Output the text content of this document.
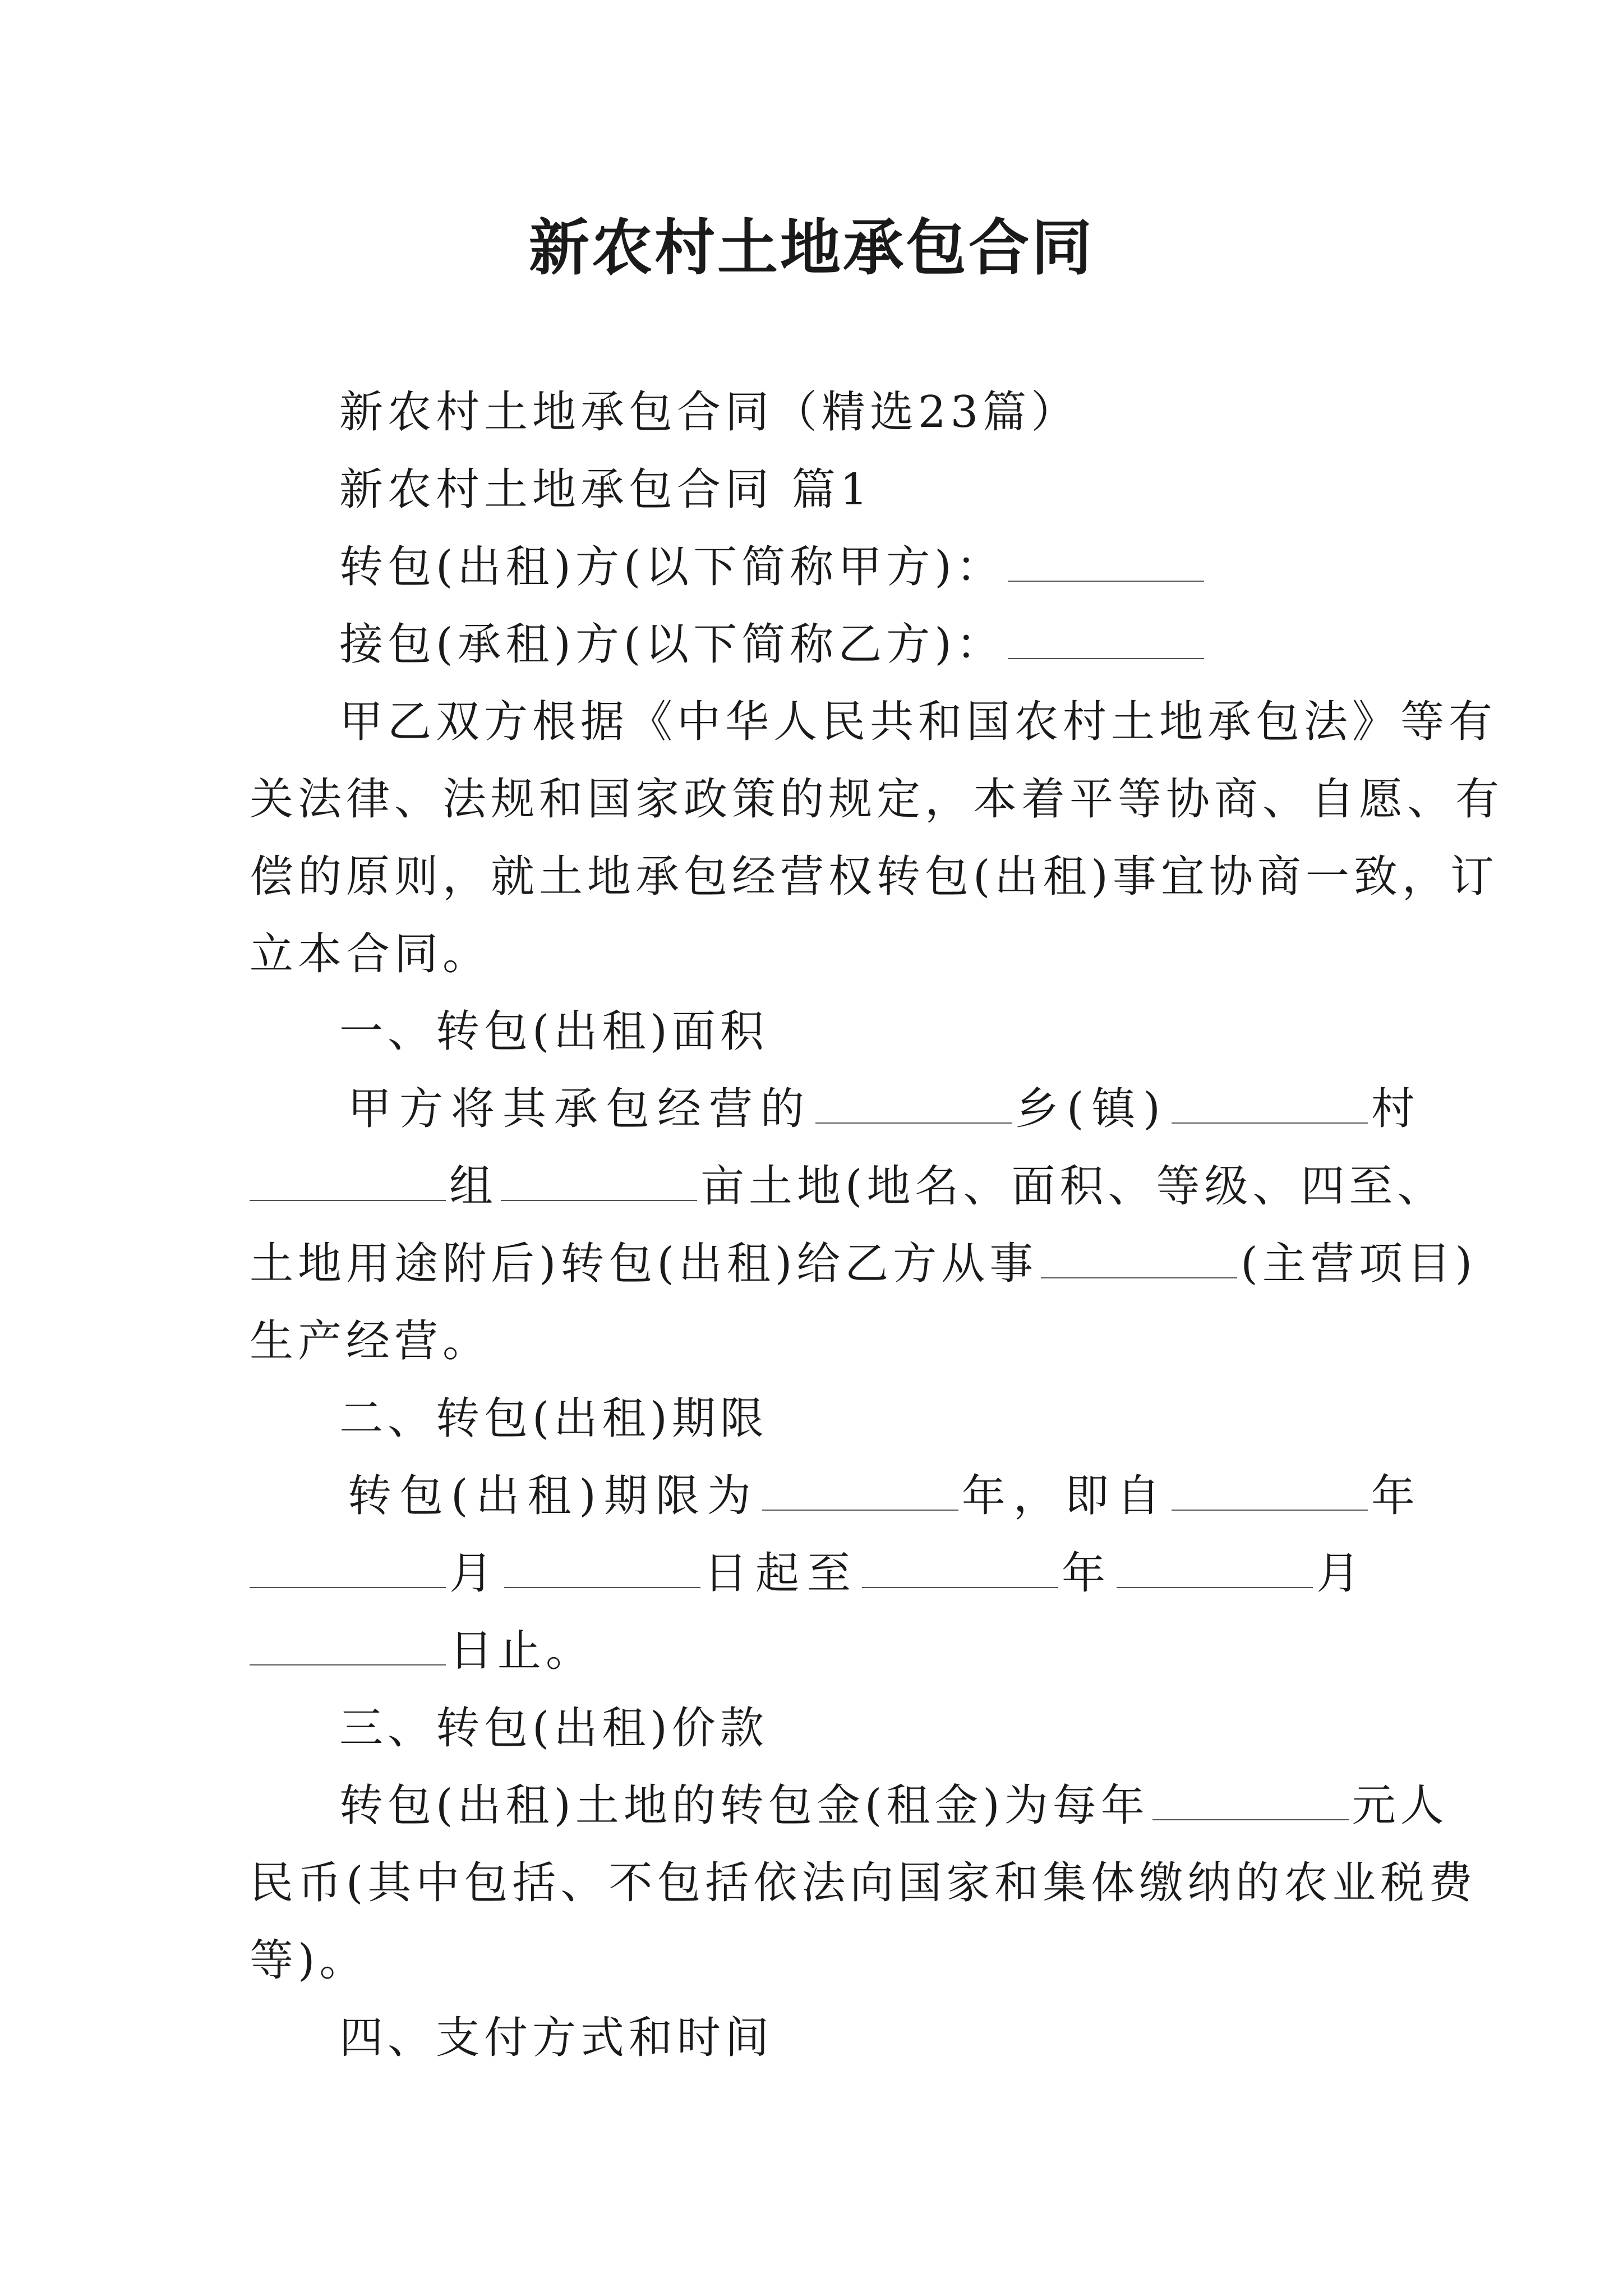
新农村土地承包合同
新农村土地承包合同（精选23篇）
新农村土地承包合同 篇1
转包(出租)方(以下简称甲方)：
接包(承租)方(以下简称乙方)：
甲乙双方根据《中华人民共和国农村土地承包法》等有
关法律、法规和国家政策的规定，本着平等协商、自愿、有
偿的原则，就土地承包经营权转包(出租)事宜协商一致，订
立本合同。
一、转包(出租)面积
甲方将其承包经营的	乡(镇)	村
组	亩土地(地名、面积、等级、四至、
土地用途附后)转包(出租)给乙方从事	(主营项目)
生产经营。
二、转包(出租)期限
转包(出租)期限为	年，即自	年
月	日起至	年	月
日止。
三、转包(出租)价款
转包(出租)土地的转包金(租金)为每年	元人
民币(其中包括、不包括依法向国家和集体缴纳的农业税费
等)。
四、支付方式和时间
